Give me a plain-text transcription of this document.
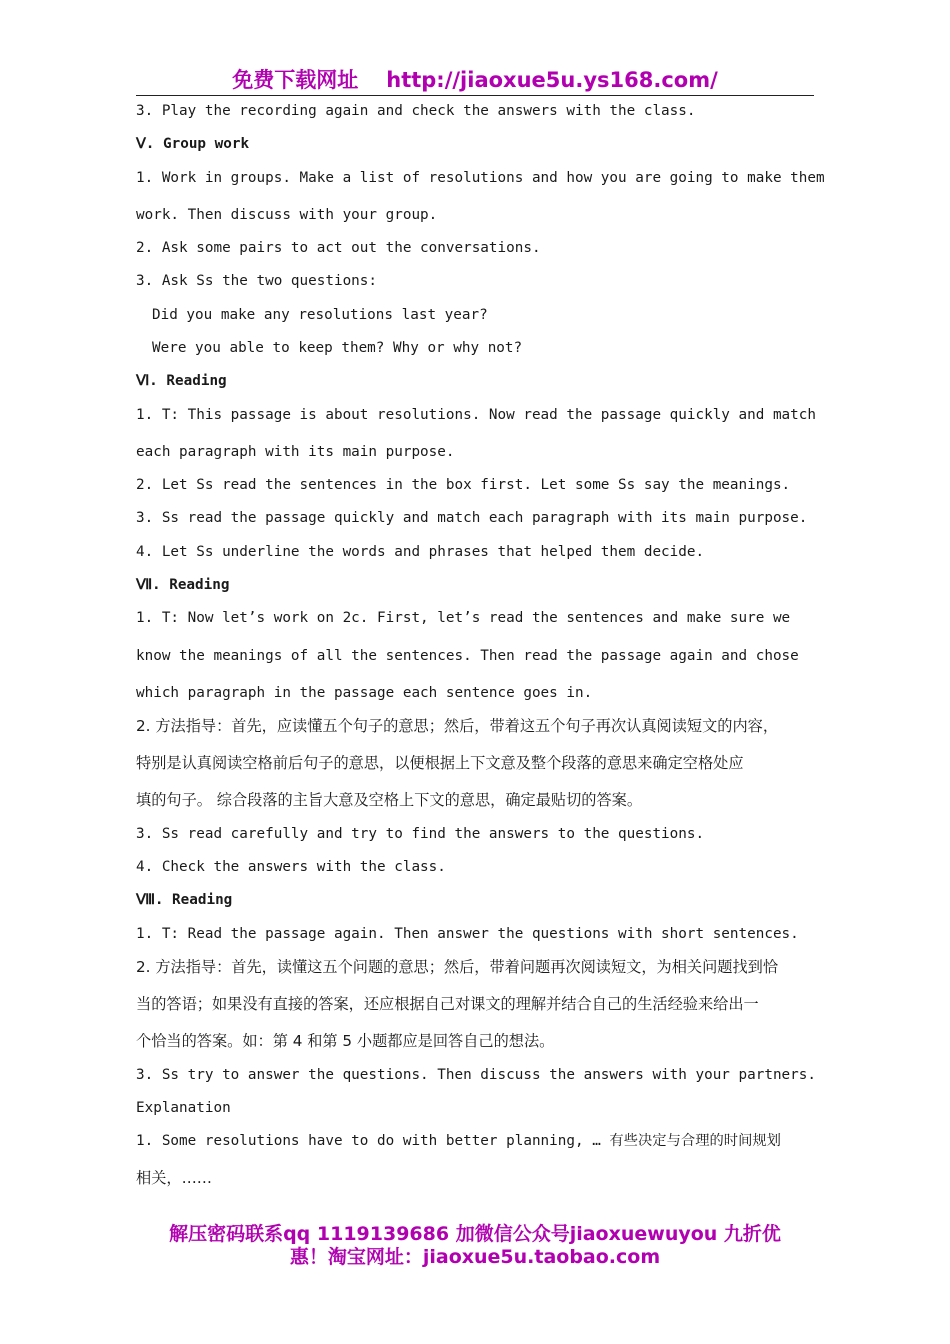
免费下载网址 http://jiaoxue5u.ys168.com/
3. Play the recording again and check the answers with the class.
Ⅴ. Group work
1. Work in groups. Make a list of resolutions and how you are going to make them
work. Then discuss with your group.
2. Ask some pairs to act out the conversations.
3. Ask Ss the two questions:
Did you make any resolutions last year?
Were you able to keep them? Why or why not?
Ⅵ. Reading
1. T: This passage is about resolutions. Now read the passage quickly and match
each paragraph with its main purpose.
2. Let Ss read the sentences in the box first. Let some Ss say the meanings.
3. Ss read the passage quickly and match each paragraph with its main purpose.
4. Let Ss underline the words and phrases that helped them decide.
Ⅶ. Reading
1. T: Now let’s work on 2c. First, let’s read the sentences and make sure we
know the meanings of all the sentences. Then read the passage again and chose
which paragraph in the passage each sentence goes in.
2. 方法指导：首先，应读懂五个句子的意思；然后，带着这五个句子再次认真阅读短文的内容，
特别是认真阅读空格前后句子的意思，以便根据上下文意及整个段落的意思来确定空格处应
填的句子。 综合段落的主旨大意及空格上下文的意思，确定最贴切的答案。
3. Ss read carefully and try to find the answers to the questions.
4. Check the answers with the class.
Ⅷ. Reading
1. T: Read the passage again. Then answer the questions with short sentences.
2. 方法指导：首先，读懂这五个问题的意思；然后，带着问题再次阅读短文，为相关问题找到恰
当的答语；如果没有直接的答案，还应根据自己对课文的理解并结合自己的生活经验来给出一
个恰当的答案。如：第 4 和第 5 小题都应是回答自己的想法。
3. Ss try to answer the questions. Then discuss the answers with your partners.
Explanation
1. Some resolutions have to do with better planning, … 有些决定与合理的时间规划
相关，……
解压密码联系qq 1119139686 加微信公众号jiaoxuewuyou 九折优
惠！淘宝网址：jiaoxue5u.taobao.com
